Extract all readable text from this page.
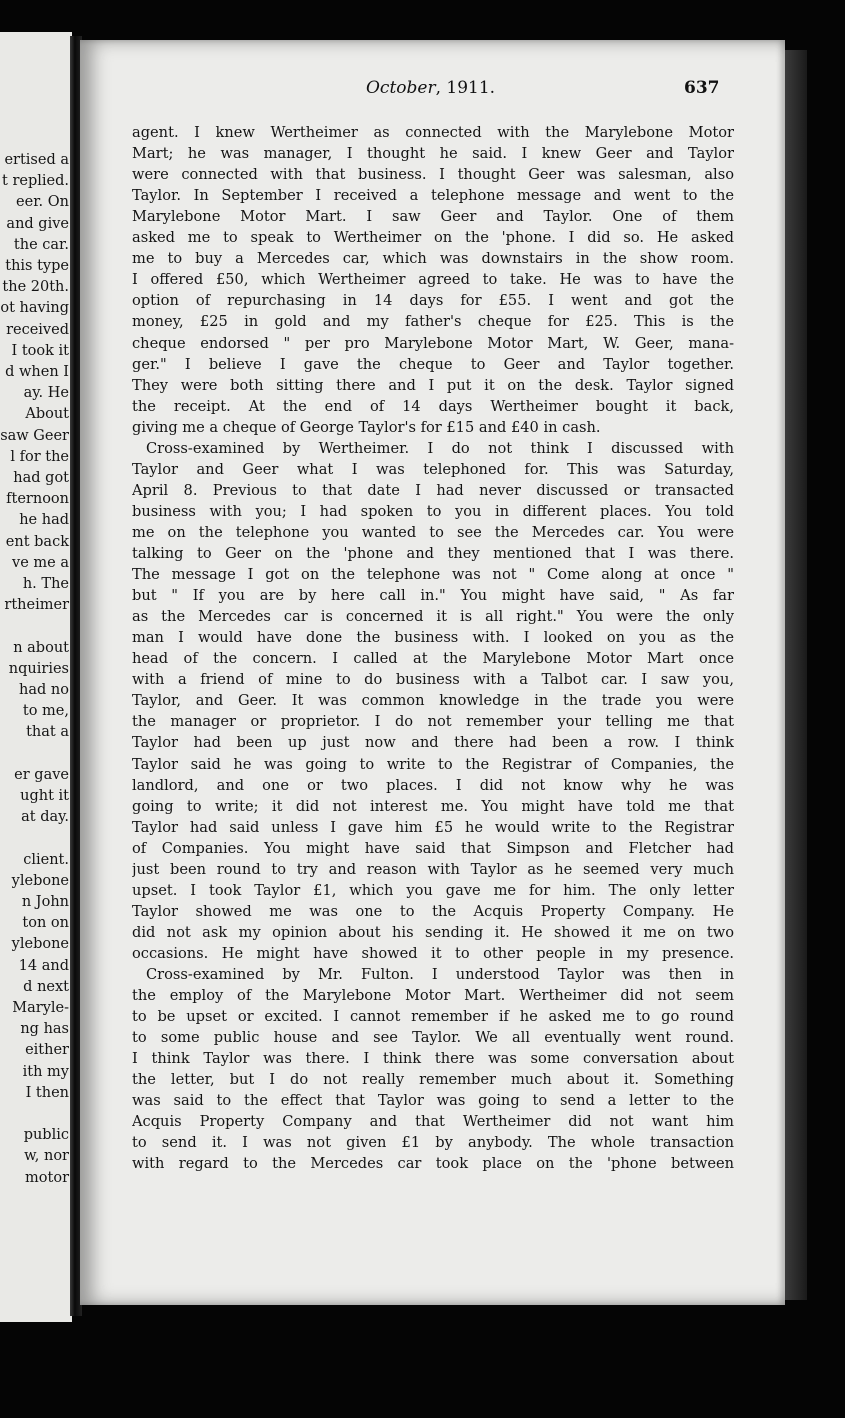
ertised a
t replied.
eer. On
and give
the car.
this type
the 20th.
ot having
received
I took it
d when I
ay. He
About
saw Geer
l for the
had got
fternoon
he had
ent back
ve me a
h. The
rtheimer
n about
nquiries
had no
to me,
that a
er gave
ught it
at day.
client.
ylebone
n John
ton on
ylebone
14 and
d next
Maryle-
ng has
either
ith my
I then
public
w, nor
motor
October, 1911.	637
agent. I knew Wertheimer as connected with the Marylebone Motor
Mart; he was manager, I thought he said. I knew Geer and Taylor
were connected with that business. I thought Geer was salesman, also
Taylor. In September I received a telephone message and went to the
Marylebone Motor Mart. I saw Geer and Taylor. One of them
asked me to speak to Wertheimer on the 'phone. I did so. He asked
me to buy a Mercedes car, which was downstairs in the show room.
I offered £50, which Wertheimer agreed to take. He was to have the
option of repurchasing in 14 days for £55. I went and got the
money, £25 in gold and my father's cheque for £25. This is the
cheque endorsed " per pro Marylebone Motor Mart, W. Geer, mana-
ger." I believe I gave the cheque to Geer and Taylor together.
They were both sitting there and I put it on the desk. Taylor signed
the receipt. At the end of 14 days Wertheimer bought it back,
giving me a cheque of George Taylor's for £15 and £40 in cash.
Cross-examined by Wertheimer. I do not think I discussed with
Taylor and Geer what I was telephoned for. This was Saturday,
April 8. Previous to that date I had never discussed or transacted
business with you; I had spoken to you in different places. You told
me on the telephone you wanted to see the Mercedes car. You were
talking to Geer on the 'phone and they mentioned that I was there.
The message I got on the telephone was not " Come along at once "
but " If you are by here call in." You might have said, " As far
as the Mercedes car is concerned it is all right." You were the only
man I would have done the business with. I looked on you as the
head of the concern. I called at the Marylebone Motor Mart once
with a friend of mine to do business with a Talbot car. I saw you,
Taylor, and Geer. It was common knowledge in the trade you were
the manager or proprietor. I do not remember your telling me that
Taylor had been up just now and there had been a row. I think
Taylor said he was going to write to the Registrar of Companies, the
landlord, and one or two places. I did not know why he was
going to write; it did not interest me. You might have told me that
Taylor had said unless I gave him £5 he would write to the Registrar
of Companies. You might have said that Simpson and Fletcher had
just been round to try and reason with Taylor as he seemed very much
upset. I took Taylor £1, which you gave me for him. The only letter
Taylor showed me was one to the Acquis Property Company. He
did not ask my opinion about his sending it. He showed it me on two
occasions. He might have showed it to other people in my presence.
Cross-examined by Mr. Fulton. I understood Taylor was then in
the employ of the Marylebone Motor Mart. Wertheimer did not seem
to be upset or excited. I cannot remember if he asked me to go round
to some public house and see Taylor. We all eventually went round.
I think Taylor was there. I think there was some conversation about
the letter, but I do not really remember much about it. Something
was said to the effect that Taylor was going to send a letter to the
Acquis Property Company and that Wertheimer did not want him
to send it. I was not given £1 by anybody. The whole transaction
with regard to the Mercedes car took place on the 'phone between
